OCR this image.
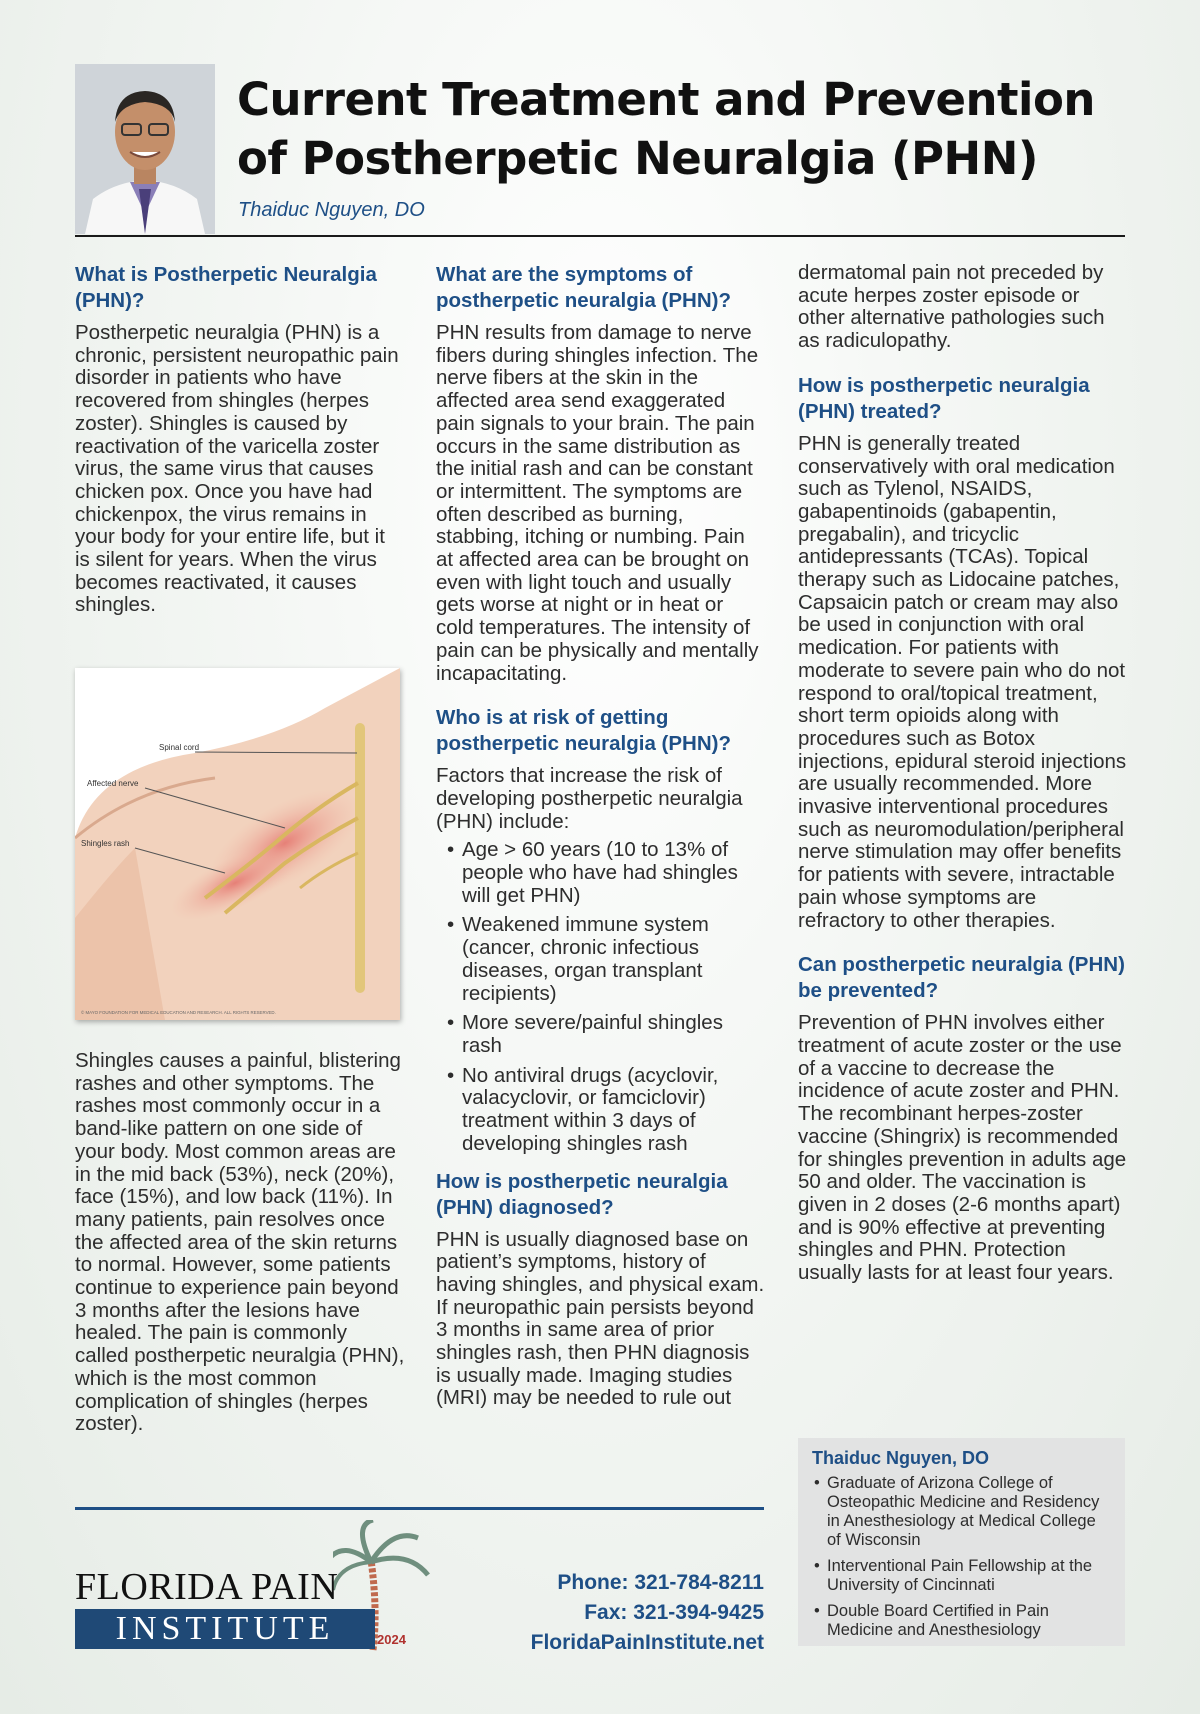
Current Treatment and Prevention
of Postherpetic Neuralgia (PHN)
Thaiduc Nguyen, DO
What is Postherpetic Neuralgia (PHN)?

Postherpetic neuralgia (PHN) is a chronic, persistent neuropathic pain disorder in patients who have recovered from shingles (herpes zoster). Shingles is caused by reactivation of the varicella zoster virus, the same virus that causes chicken pox. Once you have had chickenpox, the virus remains in your body for your entire life, but it is silent for years. When the virus becomes reactivated, it causes shingles.

Spinal cord
Affected nerve
Shingles rash
© MAYO FOUNDATION FOR MEDICAL EDUCATION AND RESEARCH. ALL RIGHTS RESERVED.

Shingles causes a painful, blistering rashes and other symptoms. The rashes most commonly occur in a band-like pattern on one side of your body. Most common areas are in the mid back (53%), neck (20%), face (15%), and low back (11%). In many patients, pain resolves once the affected area of the skin returns to normal. However, some patients continue to experience pain beyond 3 months after the lesions have healed. The pain is commonly called postherpetic neuralgia (PHN), which is the most common complication of shingles (herpes zoster).

What are the symptoms of postherpetic neuralgia (PHN)?

PHN results from damage to nerve fibers during shingles infection. The nerve fibers at the skin in the affected area send exaggerated pain signals to your brain. The pain occurs in the same distribution as the initial rash and can be constant or intermittent. The symptoms are often described as burning, stabbing, itching or numbing. Pain at affected area can be brought on even with light touch and usually gets worse at night or in heat or cold temperatures. The intensity of pain can be physically and mentally incapacitating.

Who is at risk of getting postherpetic neuralgia (PHN)?

Factors that increase the risk of developing postherpetic neuralgia (PHN) include:

• Age > 60 years (10 to 13% of people who have had shingles will get PHN)
• Weakened immune system (cancer, chronic infectious diseases, organ transplant recipients)
• More severe/painful shingles rash
• No antiviral drugs (acyclovir, valacyclovir, or famciclovir) treatment within 3 days of developing shingles rash
How is postherpetic neuralgia (PHN) diagnosed?

PHN is usually diagnosed base on patient’s symptoms, history of having shingles, and physical exam. If neuropathic pain persists beyond 3 months in same area of prior shingles rash, then PHN diagnosis is usually made. Imaging studies (MRI) may be needed to rule out

dermatomal pain not preceded by acute herpes zoster episode or other alternative pathologies such as radiculopathy.

How is postherpetic neuralgia (PHN) treated?

PHN is generally treated conservatively with oral medication such as Tylenol, NSAIDS, gabapentinoids (gabapentin, pregabalin), and tricyclic antidepressants (TCAs). Topical therapy such as Lidocaine patches, Capsaicin patch or cream may also be used in conjunction with oral medication. For patients with moderate to severe pain who do not respond to oral/topical treatment, short term opioids along with procedures such as Botox injections, epidural steroid injections are usually recommended. More invasive interventional procedures such as neuromodulation/peripheral nerve stimulation may offer benefits for patients with severe, intractable pain whose symptoms are refractory to other therapies.

Can postherpetic neuralgia (PHN) be prevented?

Prevention of PHN involves either treatment of acute zoster or the use of a vaccine to decrease the incidence of acute zoster and PHN. The recombinant herpes-zoster vaccine (Shingrix) is recommended for shingles prevention in adults age 50 and older. The vaccination is given in 2 doses (2-6 months apart) and is 90% effective at preventing shingles and PHN. Protection usually lasts for at least four years.

Thaiduc Nguyen, DO
• Graduate of Arizona College of Osteopathic Medicine and Residency in Anesthesiology at Medical College of Wisconsin
• Interventional Pain Fellowship at the University of Cincinnati
• Double Board Certified in Pain Medicine and Anesthesiology
FLORIDA PAIN
INSTITUTE	2024
Phone: 321-784-8211
Fax: 321-394-9425
FloridaPainInstitute.net
